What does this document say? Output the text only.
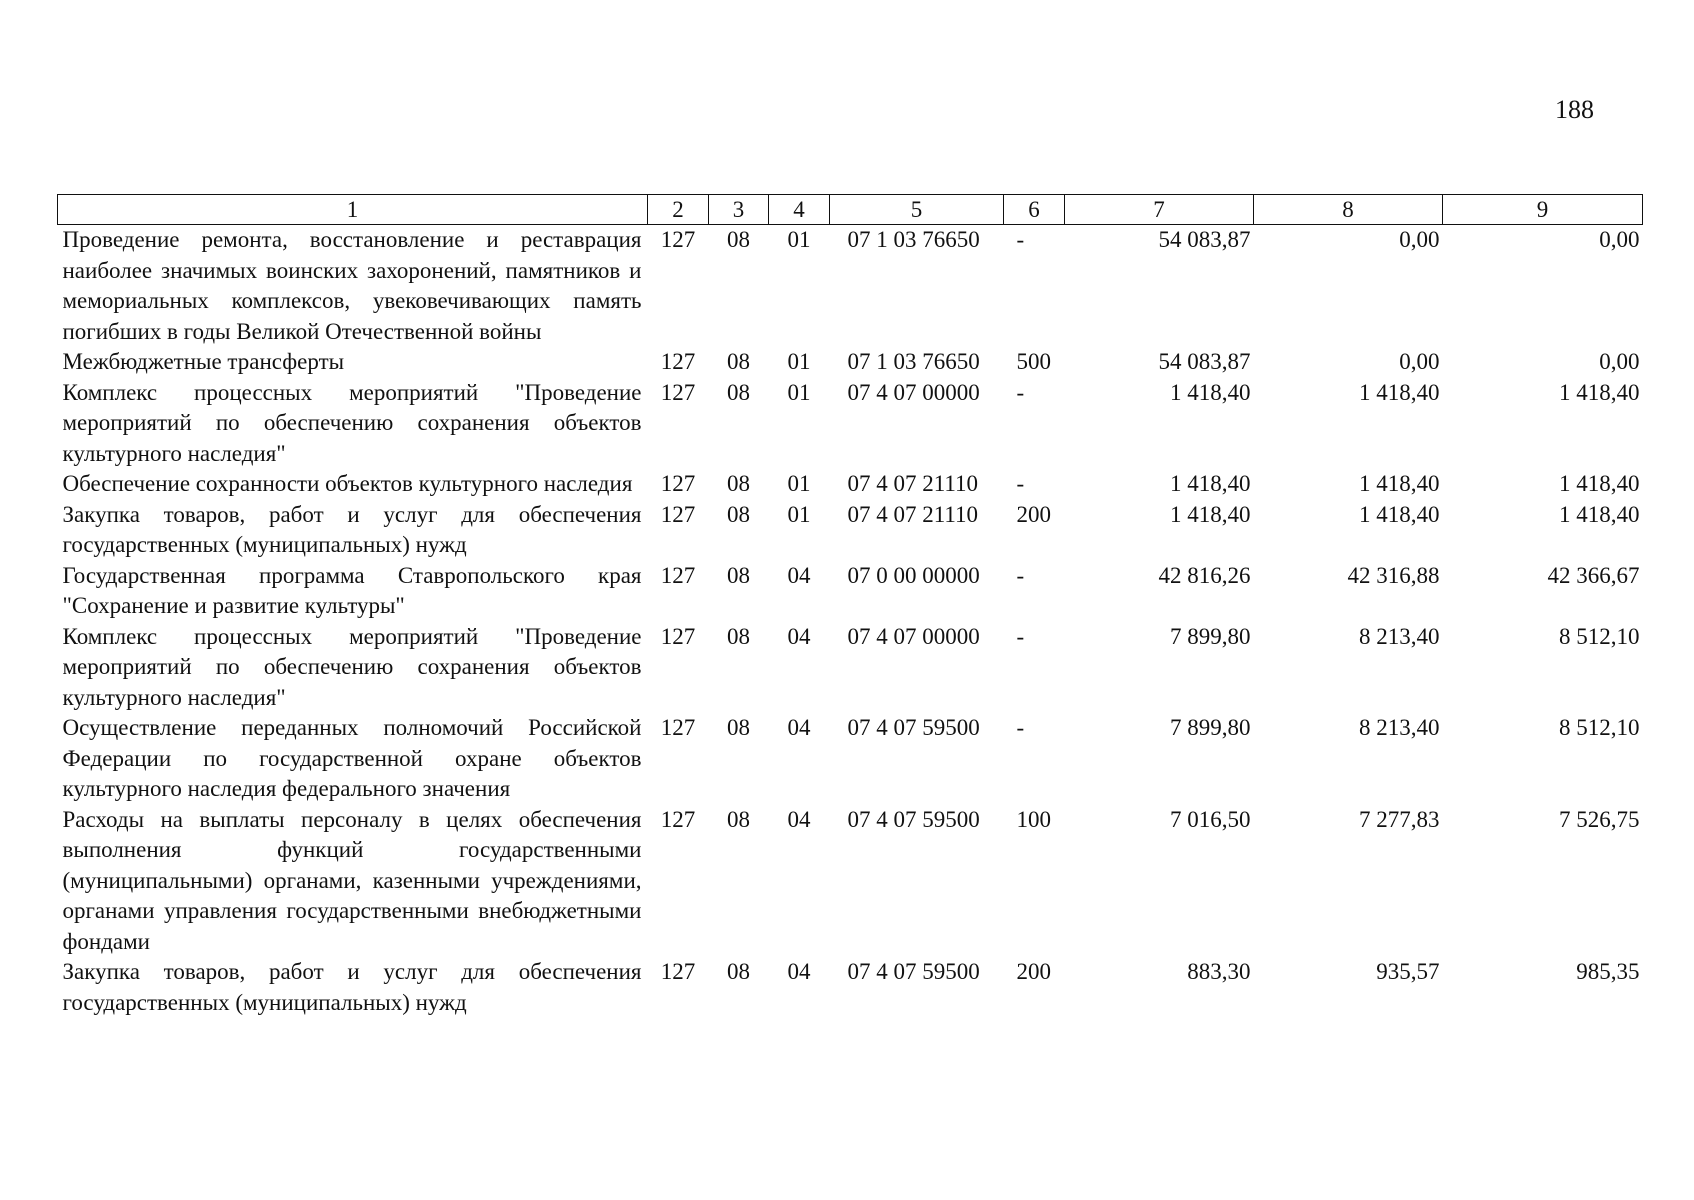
188
1	2	3	4	5	6	7	8	9
Проведение ремонта, восстановление и реставрация наиболее значимых воинских захоронений, памятников и мемориальных комплексов, увековечивающих память погибших в годы Великой Отечественной войны	127	08	01	07 1 03 76650	-	54 083,87	0,00	0,00
Межбюджетные трансферты	127	08	01	07 1 03 76650	500	54 083,87	0,00	0,00
Комплекс процессных мероприятий "Проведение мероприятий по обеспечению сохранения объектов культурного наследия"	127	08	01	07 4 07 00000	-	1 418,40	1 418,40	1 418,40
Обеспечение сохранности объектов культурного наследия	127	08	01	07 4 07 21110	-	1 418,40	1 418,40	1 418,40
Закупка товаров, работ и услуг для обеспечения государственных (муниципальных) нужд	127	08	01	07 4 07 21110	200	1 418,40	1 418,40	1 418,40
Государственная программа Ставропольского края "Сохранение и развитие культуры"	127	08	04	07 0 00 00000	-	42 816,26	42 316,88	42 366,67
Комплекс процессных мероприятий "Проведение мероприятий по обеспечению сохранения объектов культурного наследия"	127	08	04	07 4 07 00000	-	7 899,80	8 213,40	8 512,10
Осуществление переданных полномочий Российской Федерации по государственной охране объектов культурного наследия федерального значения	127	08	04	07 4 07 59500	-	7 899,80	8 213,40	8 512,10
Расходы на выплаты персоналу в целях обеспечения выполнения функций государственными (муниципальными) органами, казенными учреждениями, органами управления государственными внебюджетными фондами	127	08	04	07 4 07 59500	100	7 016,50	7 277,83	7 526,75
Закупка товаров, работ и услуг для обеспечения государственных (муниципальных) нужд	127	08	04	07 4 07 59500	200	883,30	935,57	985,35
